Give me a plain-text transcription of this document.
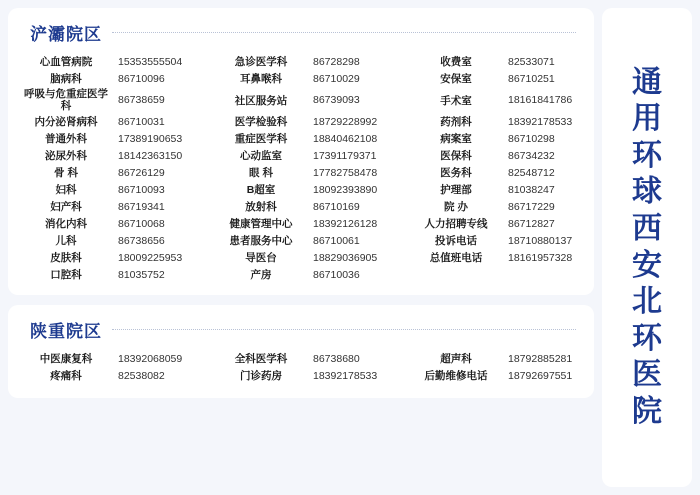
浐灞院区
心血管病院	15353555504	急诊医学科	86728298	收费室	82533071
脑病科	86710096	耳鼻喉科	86710029	安保室	86710251
呼吸与危重症医学科	86738659	社区服务站	86739093	手术室	18161841786
内分泌肾病科	86710031	医学检验科	18729228992	药剂科	18392178533
普通外科	17389190653	重症医学科	18840462108	病案室	86710298
泌尿外科	18142363150	心动监室	17391179371	医保科	86734232
骨 科	86726129	眼 科	17782758478	医务科	82548712
妇科	86710093	B超室	18092393890	护理部	81038247
妇产科	86719341	放射科	86710169	院 办	86717229
消化内科	86710068	健康管理中心	18392126128	人力招聘专线	86712827
儿科	86738656	患者服务中心	86710061	投诉电话	18710880137
皮肤科	18009225953	导医台	18829036905	总值班电话	18161957328
口腔科	81035752	产房	86710036		
陕重院区
中医康复科	18392068059	全科医学科	86738680	超声科	18792885281
疼痛科	82538082	门诊药房	18392178533	后勤维修电话	18792697551
通
用
环
球
西
安
北
环
医
院
